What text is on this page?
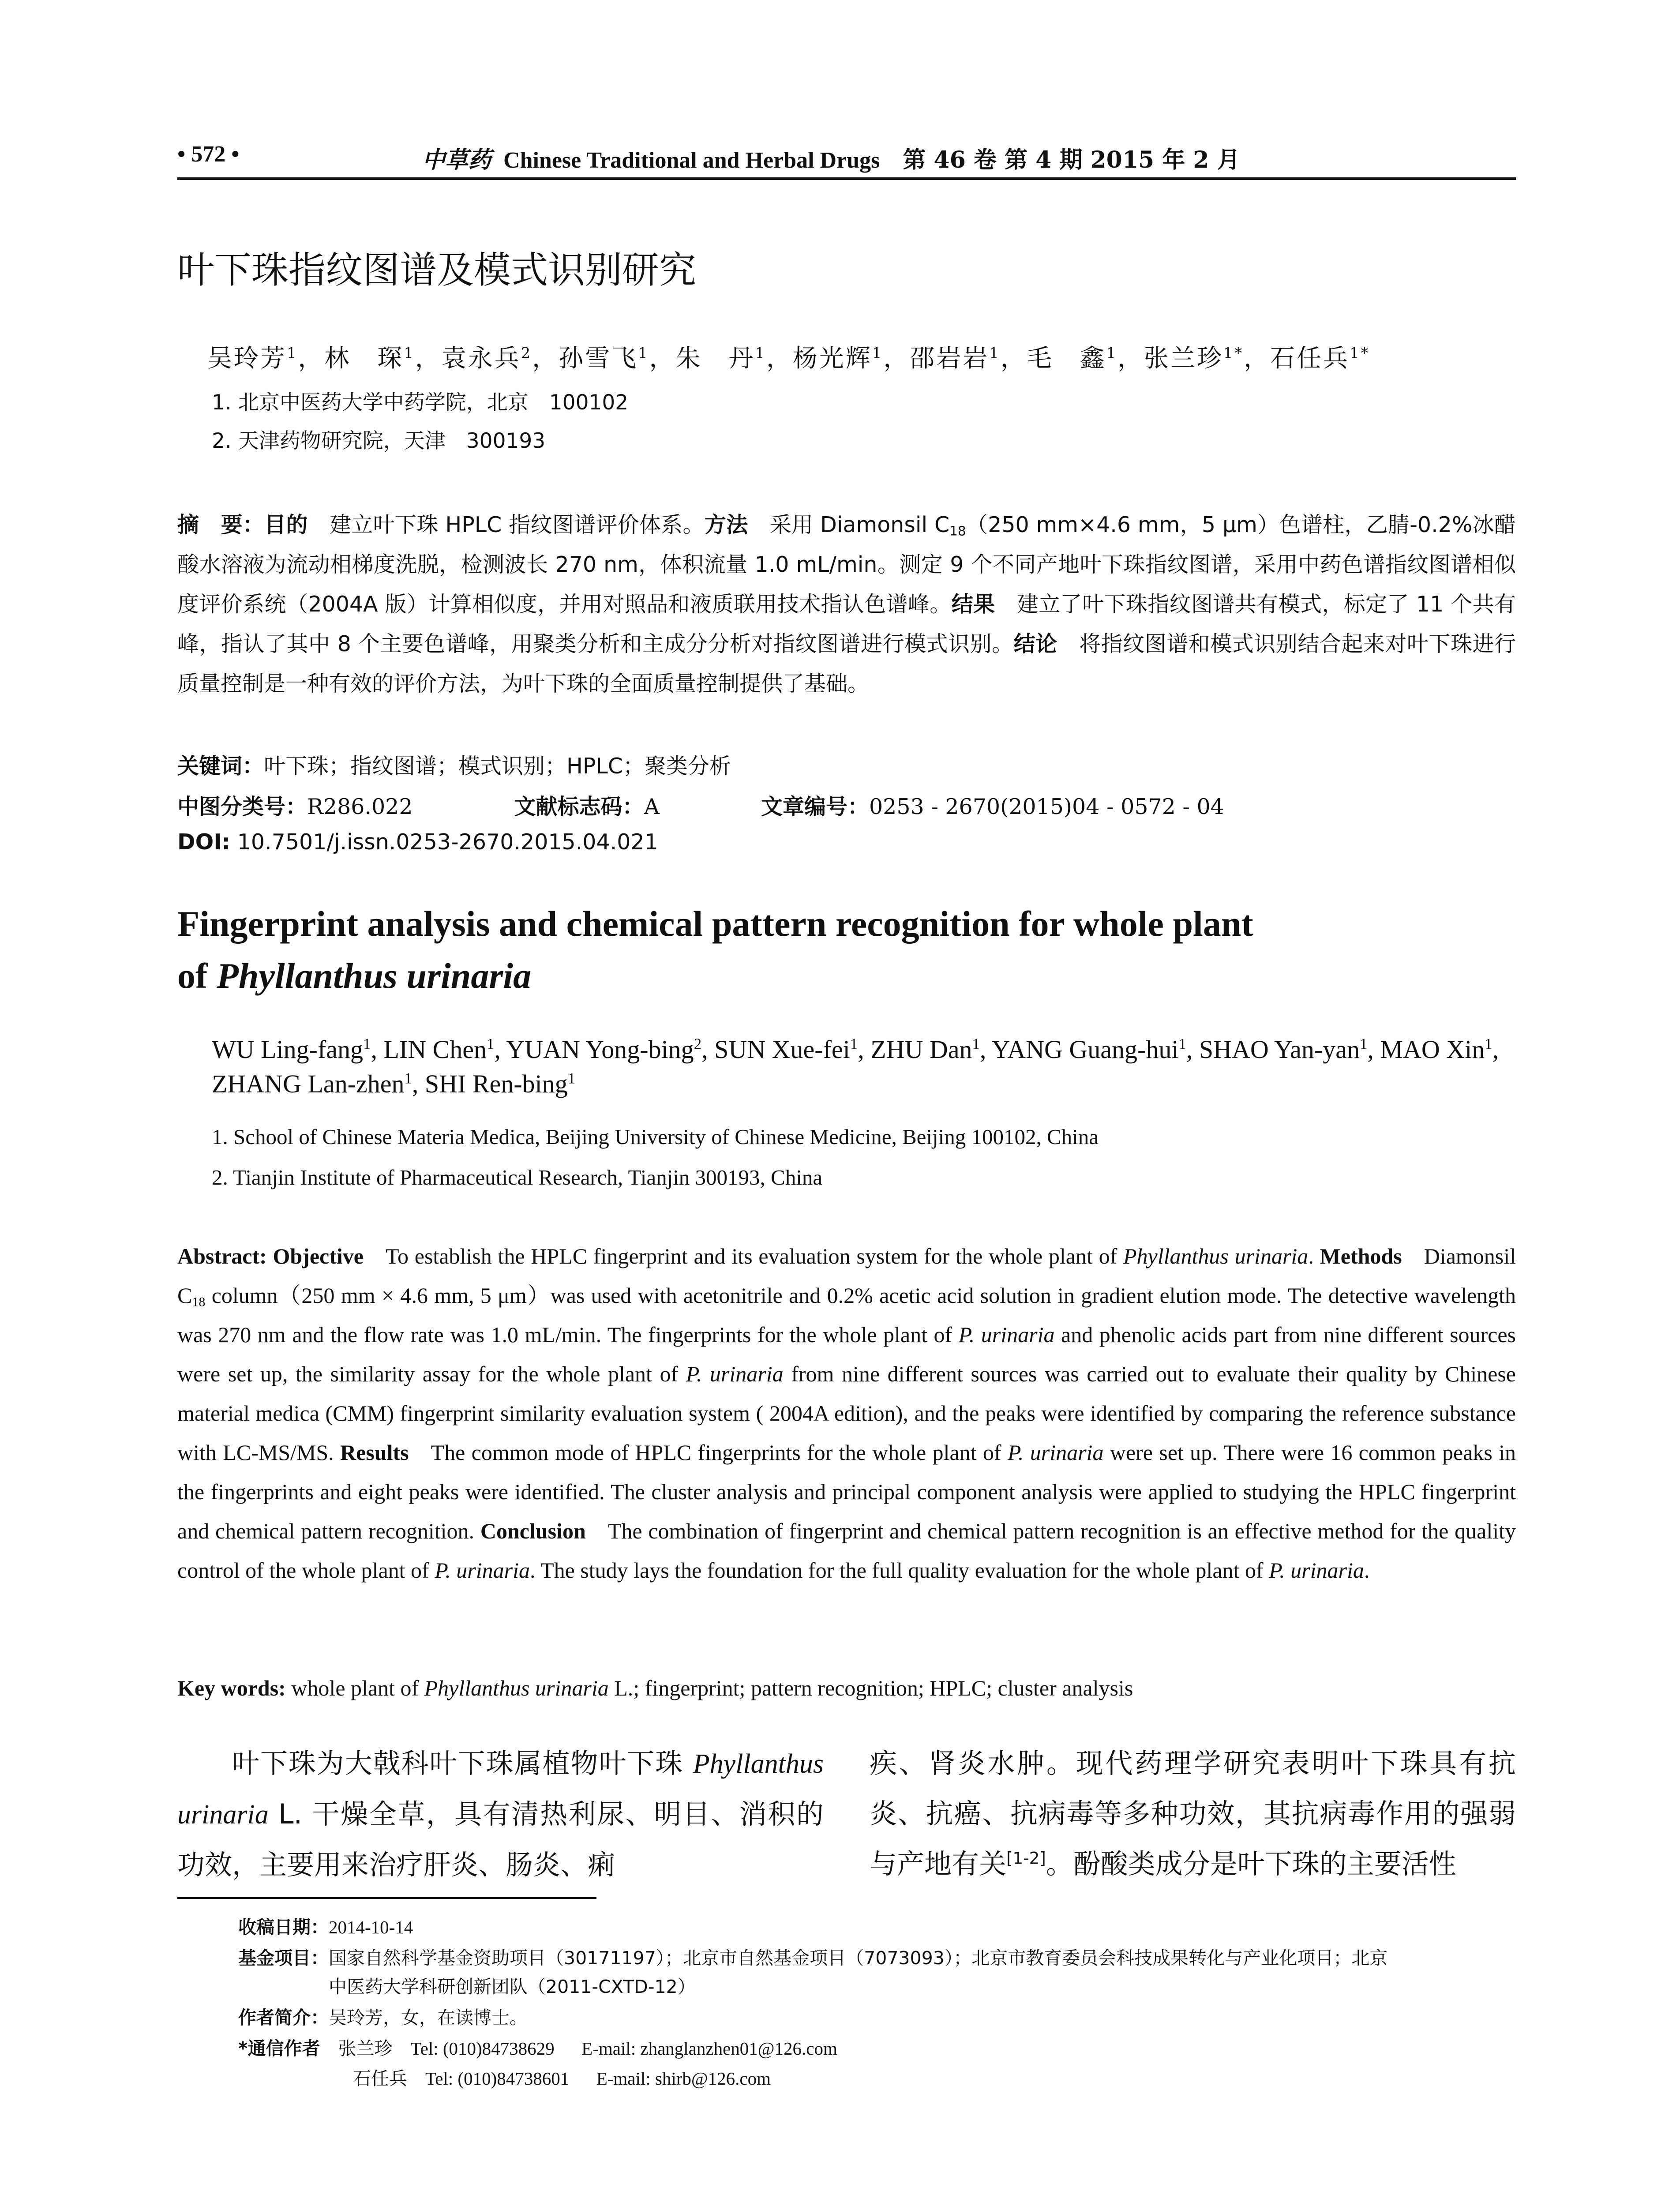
• 572 •	中草药 Chinese Traditional and Herbal Drugs  第 46 卷 第 4 期 2015 年 2 月
叶下珠指纹图谱及模式识别研究
吴玲芳$^1$，林　琛$^1$，袁永兵$^2$，孙雪飞$^1$，朱　丹$^1$，杨光辉$^1$，邵岩岩$^1$，毛　鑫$^1$，张兰珍$^{1*}$，石任兵$^{1*}$
1. 北京中医药大学中药学院，北京　100102
2. 天津药物研究院，天津　300193
摘　要：目的  建立叶下珠 HPLC 指纹图谱评价体系。方法  采用 Diamonsil $C_{18}(250$ mm×4.6 mm，5 μm）色谱柱，乙腈-0.2%冰醋酸水溶液为流动相梯度洗脱，检测波长 270 nm，体积流量 1.0 mL/min。测定 9 个不同产地叶下珠指纹图谱，采用中药色谱指纹图谱相似度评价系统（2004A 版）计算相似度，并用对照品和液质联用技术指认色谱峰。结果  建立了叶下珠指纹图谱共有模式，标定了 11 个共有峰，指认了其中 8 个主要色谱峰，用聚类分析和主成分分析对指纹图谱进行模式识别。结论  将指纹图谱和模式识别结合起来对叶下珠进行质量控制是一种有效的评价方法，为叶下珠的全面质量控制提供了基础。
关键词：叶下珠；指纹图谱；模式识别；HPLC；聚类分析
中图分类号：R286.022	文献标志码：A	文章编号：0253 - 2670(2015)04 - 0572 - 04
DOI: 10.7501/j.issn.0253-2670.2015.04.021
Fingerprint analysis and chemical pattern recognition for whole plant
of Phyllanthus urinaria
WU Ling-fang$^1$, LIN Chen$^1$, YUAN Yong-bing$^2$, SUN Xue-fei$^1$, ZHU Dan$^1$, YANG Guang-hui$^1$, SHAO Yan-yan$^1$, MAO Xin$^1$, ZHANG Lan-zhen$^1$, SHI Ren-bing$^1$
1. School of Chinese Materia Medica, Beijing University of Chinese Medicine, Beijing 100102, China
2. Tianjin Institute of Pharmaceutical Research, Tianjin 300193, China
Abstract: Objective   To establish the HPLC fingerprint and its evaluation system for the whole plant of Phyllanthus urinaria. Methods   Diamonsil $C_{18}$ column（250 mm × 4.6 mm, 5 μm）was used with acetonitrile and 0.2% acetic acid solution in gradient elution mode. The detective wavelength was 270 nm and the flow rate was 1.0 mL/min. The fingerprints for the whole plant of P. urinaria and phenolic acids part from nine different sources were set up, the similarity assay for the whole plant of P. urinaria from nine different sources was carried out to evaluate their quality by Chinese material medica (CMM) fingerprint similarity evaluation system ( 2004A edition), and the peaks were identified by comparing the reference substance with LC-MS/MS. Results   The common mode of HPLC fingerprints for the whole plant of P. urinaria were set up. There were 16 common peaks in the fingerprints and eight peaks were identified. The cluster analysis and principal component analysis were applied to studying the HPLC fingerprint and chemical pattern recognition. Conclusion   The combination of fingerprint and chemical pattern recognition is an effective method for the quality control of the whole plant of P. urinaria. The study lays the foundation for the full quality evaluation for the whole plant of P. urinaria.
Key words: whole plant of Phyllanthus urinaria L.; fingerprint; pattern recognition; HPLC; cluster analysis
叶下珠为大戟科叶下珠属植物叶下珠 Phyllanthus urinaria L. 干燥全草，具有清热利尿、明目、消积的功效，主要用来治疗肝炎、肠炎、痢
疾、肾炎水肿。现代药理学研究表明叶下珠具有抗炎、抗癌、抗病毒等多种功效，其抗病毒作用的强弱与产地有关[1-2]。酚酸类成分是叶下珠的主要活性
收稿日期：2014-10-14
基金项目：国家自然科学基金资助项目（30171197）；北京市自然基金项目（7073093）；北京市教育委员会科技成果转化与产业化项目；北京
中医药大学科研创新团队（2011-CXTD-12）
作者简介：吴玲芳，女，在读博士。
*通信作者  张兰珍  Tel: (010)84738629   E-mail: zhanglanzhen01@126.com
石任兵  Tel: (010)84738601   E-mail: shirb@126.com
